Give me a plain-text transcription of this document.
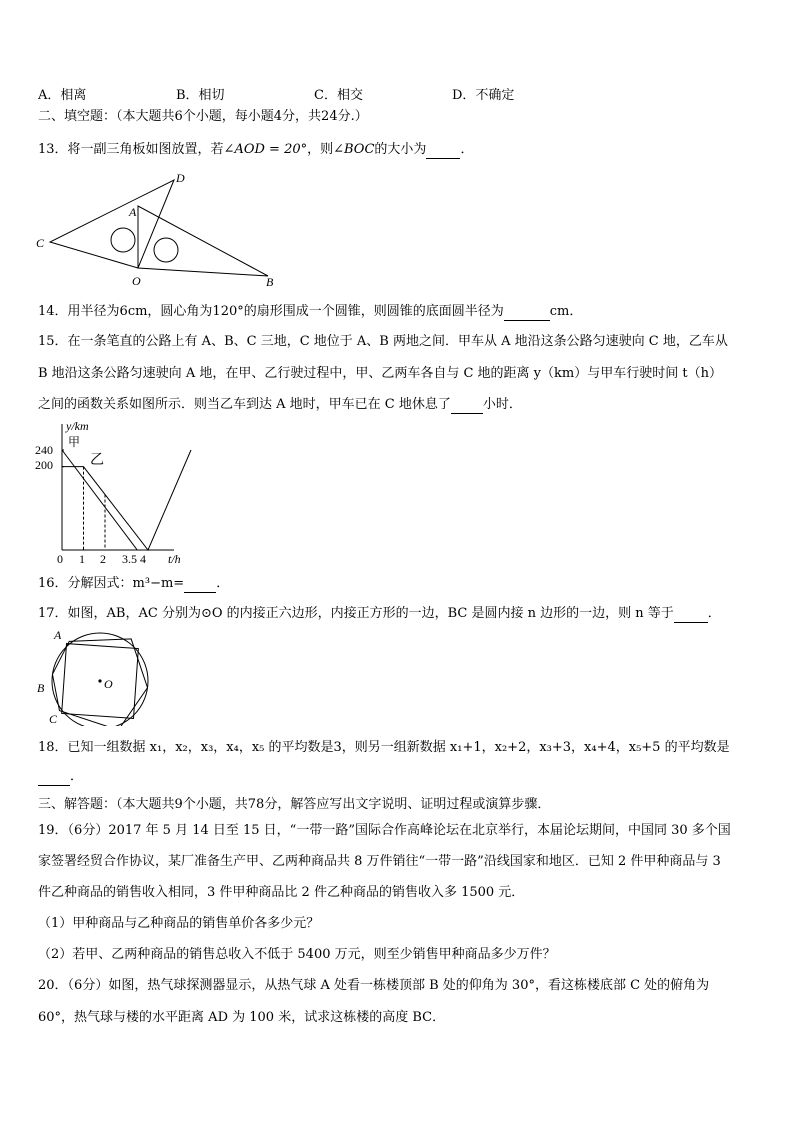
A．相离	B．相切	C．相交	D．不确定
二、填空题：（本大题共6个小题，每小题4分，共24分.）
13．将一副三角板如图放置，若∠AOD = 20°，则∠BOC的大小为	．
D
A
C
O	B
14．用半径为6cm，圆心角为120°的扇形围成一个圆锥，则圆锥的底面圆半径为	cm．
15．在一条笔直的公路上有 A、B、C 三地，C 地位于 A、B 两地之间．甲车从 A 地沿这条公路匀速驶向 C 地，乙车从
B 地沿这条公路匀速驶向 A 地，在甲、乙行驶过程中，甲、乙两车各自与 C 地的距离 y（km）与甲车行驶时间 t（h）
之间的函数关系如图所示．则当乙车到达 A 地时，甲车已在 C 地休息了 小时．
y/km
甲
乙
240
200
0 1 2 3.5 4 t/h
16．分解因式：m³−m= ．
17．如图，AB，AC 分别为⊙O 的内接正六边形，内接正方形的一边，BC 是圆内接 n 边形的一边，则 n 等于	．
A
B
C
O
18．已知一组数据 x₁，x₂，x₃，x₄，x₅ 的平均数是3，则另一组新数据 x₁+1，x₂+2，x₃+3，x₄+4，x₅+5 的平均数是
．
三、解答题：（本大题共9个小题，共78分，解答应写出文字说明、证明过程或演算步骤．
19．（6分）2017 年 5 月 14 日至 15 日，“一带一路”国际合作高峰论坛在北京举行，本届论坛期间，中国同 30 多个国
家签署经贸合作协议，某厂准备生产甲、乙两种商品共 8 万件销往“一带一路”沿线国家和地区．已知 2 件甲种商品与 3
件乙种商品的销售收入相同，3 件甲种商品比 2 件乙种商品的销售收入多 1500 元．
（1）甲种商品与乙种商品的销售单价各多少元？
（2）若甲、乙两种商品的销售总收入不低于 5400 万元，则至少销售甲种商品多少万件？
20．（6分）如图，热气球探测器显示，从热气球 A 处看一栋楼顶部 B 处的仰角为 30°，看这栋楼底部 C 处的俯角为
60°，热气球与楼的水平距离 AD 为 100 米，试求这栋楼的高度 BC．
